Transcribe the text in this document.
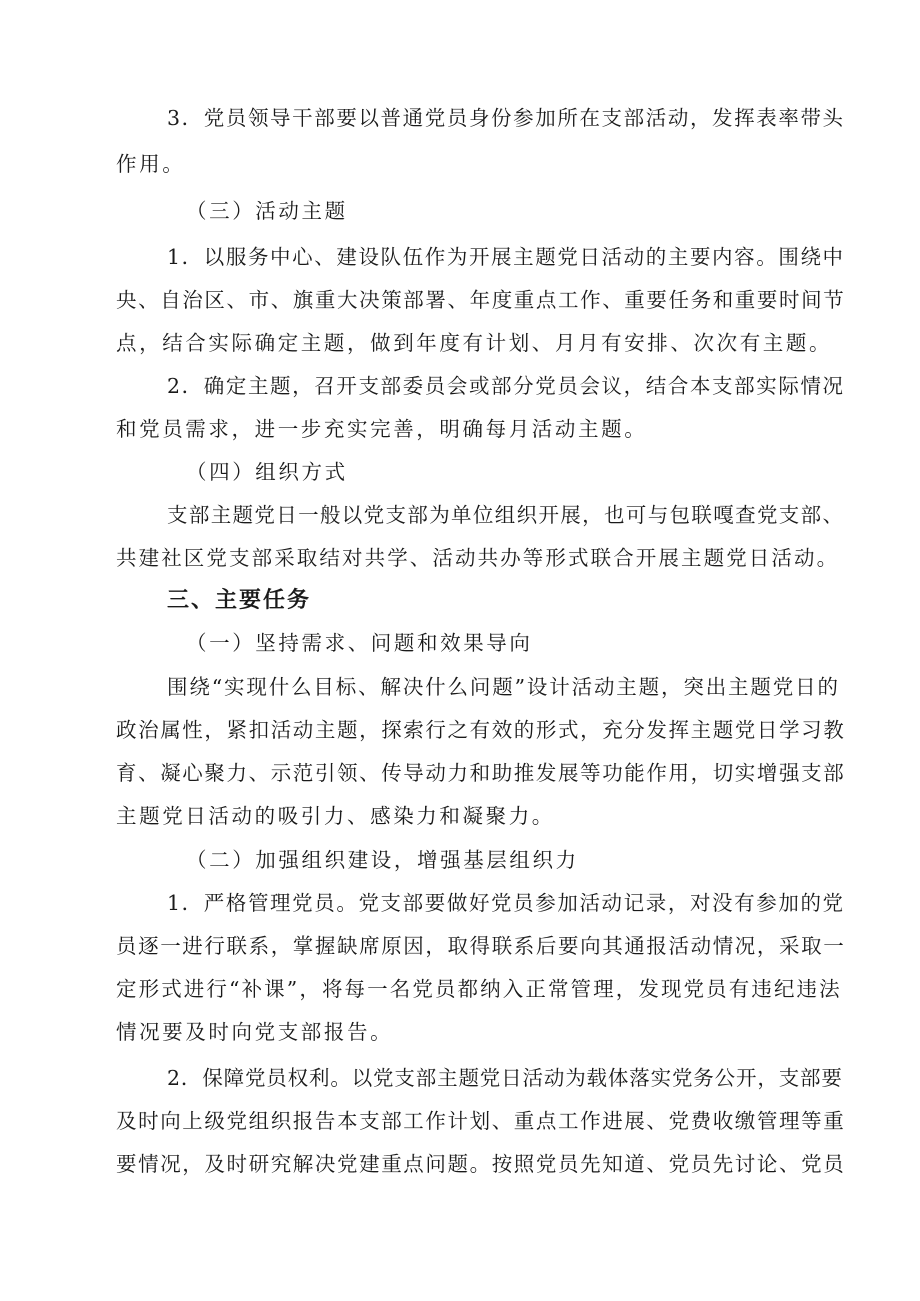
3．党员领导干部要以普通党员身份参加所在支部活动，发挥表率带头
作用。
（三）活动主题
1．以服务中心、建设队伍作为开展主题党日活动的主要内容。围绕中
央、自治区、市、旗重大决策部署、年度重点工作、重要任务和重要时间节
点，结合实际确定主题，做到年度有计划、月月有安排、次次有主题。
2．确定主题，召开支部委员会或部分党员会议，结合本支部实际情况
和党员需求，进一步充实完善，明确每月活动主题。
（四）组织方式
支部主题党日一般以党支部为单位组织开展，也可与包联嘎查党支部、
共建社区党支部采取结对共学、活动共办等形式联合开展主题党日活动。
三、主要任务
（一）坚持需求、问题和效果导向
围绕“实现什么目标、解决什么问题”设计活动主题，突出主题党日的
政治属性，紧扣活动主题，探索行之有效的形式，充分发挥主题党日学习教
育、凝心聚力、示范引领、传导动力和助推发展等功能作用，切实增强支部
主题党日活动的吸引力、感染力和凝聚力。
（二）加强组织建设，增强基层组织力
1．严格管理党员。党支部要做好党员参加活动记录，对没有参加的党
员逐一进行联系，掌握缺席原因，取得联系后要向其通报活动情况，采取一
定形式进行“补课”，将每一名党员都纳入正常管理，发现党员有违纪违法
情况要及时向党支部报告。
2．保障党员权利。以党支部主题党日活动为载体落实党务公开，支部要
及时向上级党组织报告本支部工作计划、重点工作进展、党费收缴管理等重
要情况，及时研究解决党建重点问题。按照党员先知道、党员先讨论、党员
